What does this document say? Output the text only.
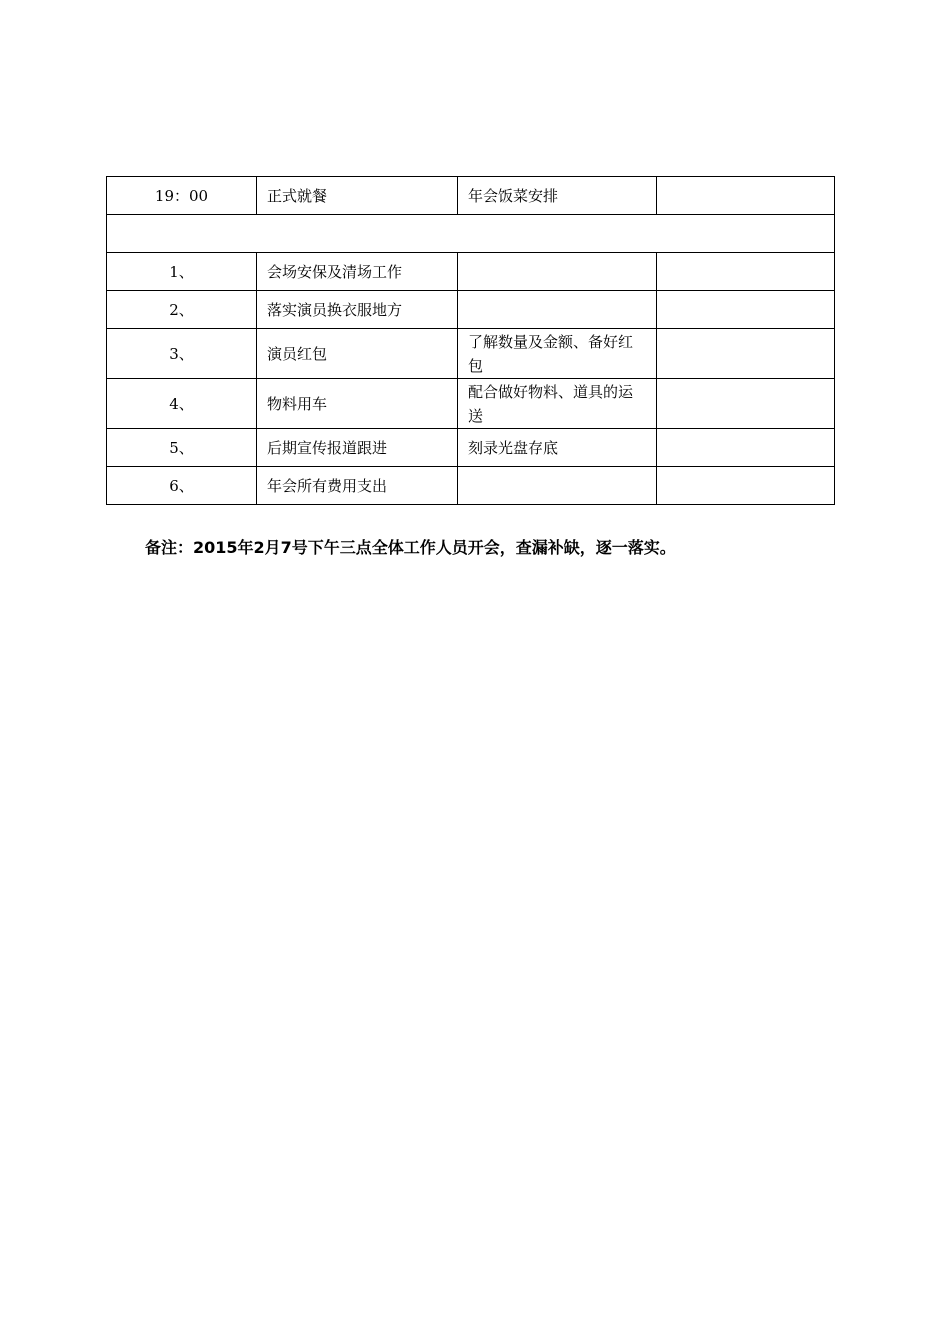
19：00	正式就餐	年会饭菜安排	

1、	会场安保及清场工作		
2、	落实演员换衣服地方		
3、	演员红包	了解数量及金额、备好红包	
4、	物料用车	配合做好物料、道具的运送	
5、	后期宣传报道跟进	刻录光盘存底	
6、	年会所有费用支出		
备注：2015年2月7号下午三点全体工作人员开会，查漏补缺，逐一落实。
